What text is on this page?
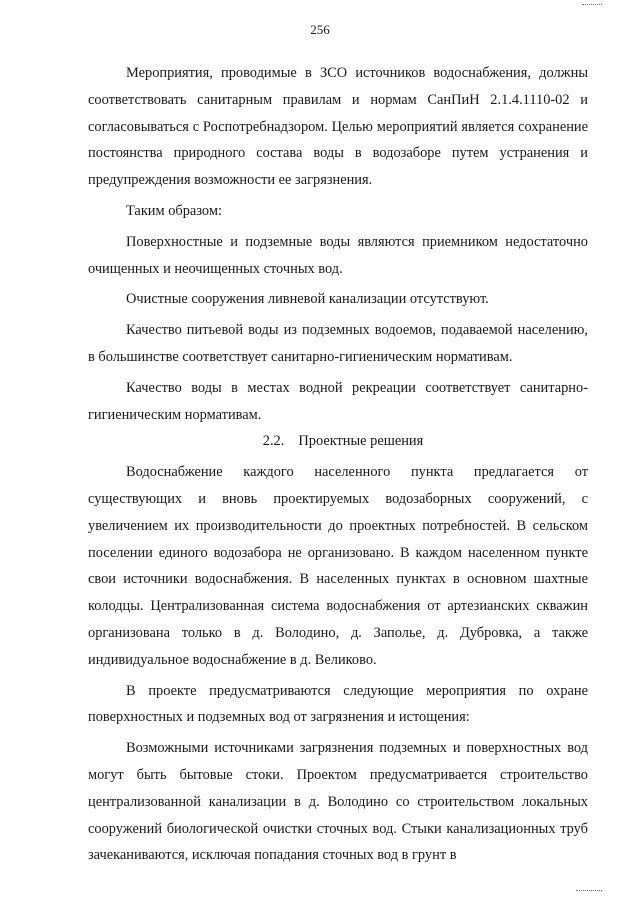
256

Мероприятия, проводимые в ЗСО источников водоснабжения, должны соответствовать санитарным правилам и нормам СанПиН 2.1.4.1110-02 и согласовываться с Роспотребнадзором. Целью мероприятий является сохранение постоянства природного состава воды в водозаборе путем устранения и предупреждения возможности ее загрязнения.

Таким образом:

Поверхностные и подземные воды являются приемником недостаточно очищенных и неочищенных сточных вод.

Очистные сооружения ливневой канализации отсутствуют.

Качество питьевой воды из подземных водоемов, подаваемой населению, в большинстве соответствует санитарно-гигиеническим нормативам.

Качество воды в местах водной рекреации соответствует санитарно-гигиеническим нормативам.

2.2. Проектные решения

Водоснабжение каждого населенного пункта предлагается от существующих и вновь проектируемых водозаборных сооружений, с увеличением их производительности до проектных потребностей. В сельском поселении единого водозабора не организовано. В каждом населенном пункте свои источники водоснабжения. В населенных пунктах в основном шахтные колодцы. Централизованная система водоснабжения от артезианских скважин организована только в д. Володино, д. Заполье, д. Дубровка, а также индивидуальное водоснабжение в д. Великово.

В проекте предусматриваются следующие мероприятия по охране поверхностных и подземных вод от загрязнения и истощения:

Возможными источниками загрязнения подземных и поверхностных вод могут быть бытовые стоки. Проектом предусматривается строительство централизованной канализации в д. Володино со строительством локальных сооружений биологической очистки сточных вод. Стыки канализационных труб зачеканиваются, исключая попадания сточных вод в грунт в
